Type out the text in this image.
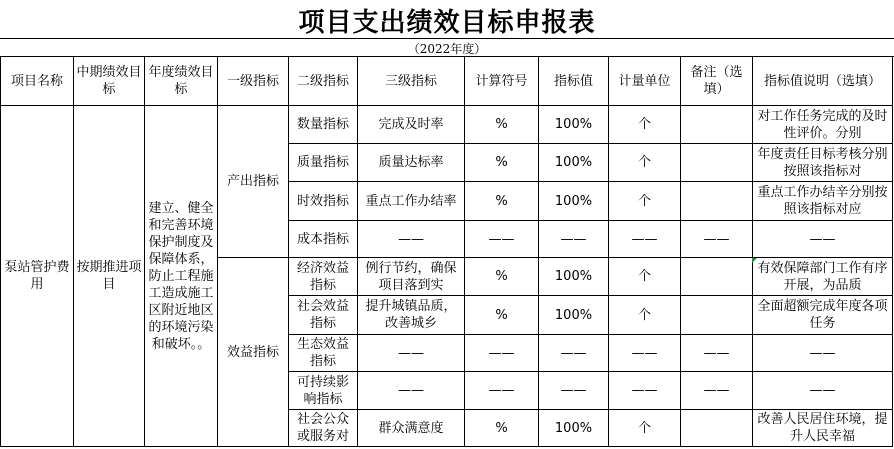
项目支出绩效目标申报表
（2022年度）
项目名称	中期绩效目标	年度绩效目标	一级指标	二级指标	三级指标	计算符号	指标值	计量单位	备注（选填）	指标值说明（选填）
泵站管护费用	按期推进项目	建立、健全和完善环境保护制度及保障体系，防止工程施工造成施工区附近地区的环境污染和破坏。。	产出指标	数量指标	完成及时率	%	100%	个		对工作任务完成的及时性评价。分别

				质量指标	质量达标率	%	100%	个		年度责任目标考核分别按照该指标对

				时效指标	重点工作办结率	%	100%	个		重点工作办结辛分别按照该指标对应

				成本指标	——	——	——	——	——	——
			效益指标	经济效益指标	例行节约，确保项目落到实	%	100%	个		有效保障部门工作有序开展，为品质

				社会效益指标	提升城镇品质，改善城乡	%	100%	个		全面超额完成年度各项任务

				生态效益指标	——	——	——	——	——	——
				可持续影响指标	——	——	——	——	——	——

				社会公众或服务对	群众满意度	%	100%	个		改善人民居住环境，提升人民幸福
